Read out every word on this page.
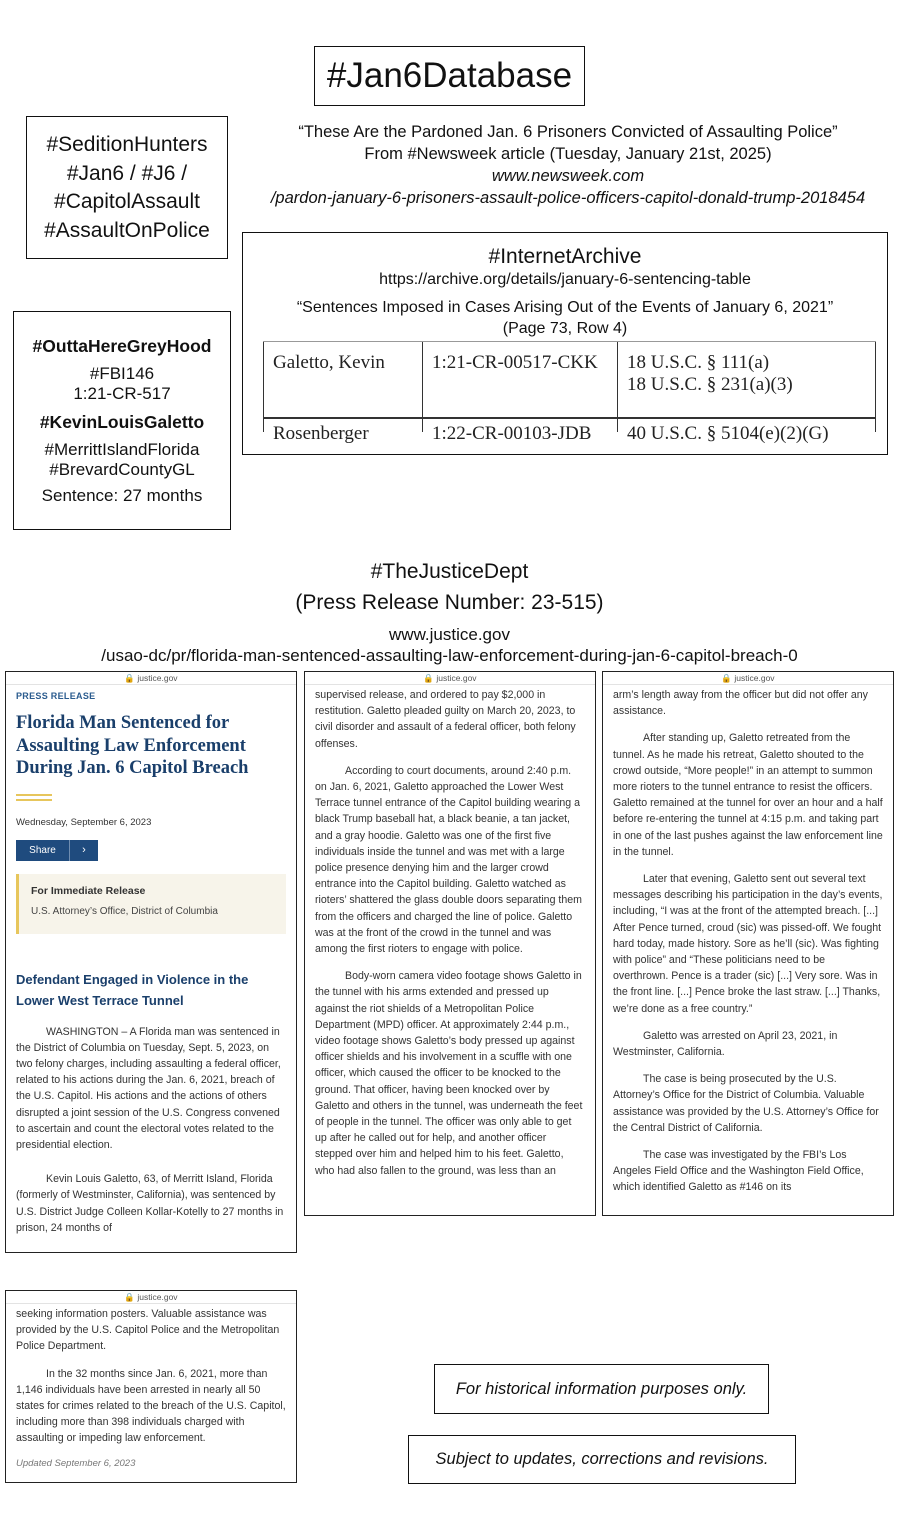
#Jan6Database
#SeditionHunters
#Jan6 / #J6 /
#CapitolAssault
#AssaultOnPolice
“These Are the Pardoned Jan. 6 Prisoners Convicted of Assaulting Police”
From #Newsweek article (Tuesday, January 21st, 2025)
www.newsweek.com
/pardon-january-6-prisoners-assault-police-officers-capitol-donald-trump-2018454
#InternetArchive
https://archive.org/details/january-6-sentencing-table
“Sentences Imposed in Cases Arising Out of the Events of January 6, 2021”
(Page 73, Row 4)
Galetto, Kevin 1:21-CR-00517-CKK 18 U.S.C. § 111(a)
18 U.S.C. § 231(a)(3)
Rosenberger	1:22-CR-00103-JDB 40 U.S.C. § 5104(e)(2)(G)
#OuttaHereGreyHood
#FBI146
1:21-CR-517
#KevinLouisGaletto
#MerrittIslandFlorida
#BrevardCountyGL
Sentence: 27 months
#TheJusticeDept
(Press Release Number: 23-515)
www.justice.gov
/usao-dc/pr/florida-man-sentenced-assaulting-law-enforcement-during-jan-6-capitol-breach-0
🔒 justice.gov
PRESS RELEASE
Florida Man Sentenced for Assaulting Law Enforcement During Jan. 6 Capitol Breach
Wednesday, September 6, 2023
Share	›
For Immediate Release
U.S. Attorney’s Office, District of Columbia
Defendant Engaged in Violence in the Lower West Terrace Tunnel

WASHINGTON – A Florida man was sentenced in the District of Columbia on Tuesday, Sept. 5, 2023, on two felony charges, including assaulting a federal officer, related to his actions during the Jan. 6, 2021, breach of the U.S. Capitol. His actions and the actions of others disrupted a joint session of the U.S. Congress convened to ascertain and count the electoral votes related to the presidential election.

Kevin Louis Galetto, 63, of Merritt Island, Florida (formerly of Westminster, California), was sentenced by U.S. District Judge Colleen Kollar-Kotelly to 27 months in prison, 24 months of

🔒 justice.gov

supervised release, and ordered to pay $2,000 in restitution. Galetto pleaded guilty on March 20, 2023, to civil disorder and assault of a federal officer, both felony offenses.

According to court documents, around 2:40 p.m. on Jan. 6, 2021, Galetto approached the Lower West Terrace tunnel entrance of the Capitol building wearing a black Trump baseball hat, a black beanie, a tan jacket, and a gray hoodie. Galetto was one of the first five individuals inside the tunnel and was met with a large police presence denying him and the larger crowd entrance into the Capitol building. Galetto watched as rioters’ shattered the glass double doors separating them from the officers and charged the line of police. Galetto was at the front of the crowd in the tunnel and was among the first rioters to engage with police.

Body-worn camera video footage shows Galetto in the tunnel with his arms extended and pressed up against the riot shields of a Metropolitan Police Department (MPD) officer. At approximately 2:44 p.m., video footage shows Galetto’s body pressed up against officer shields and his involvement in a scuffle with one officer, which caused the officer to be knocked to the ground. That officer, having been knocked over by Galetto and others in the tunnel, was underneath the feet of people in the tunnel. The officer was only able to get up after he called out for help, and another officer stepped over him and helped him to his feet. Galetto, who had also fallen to the ground, was less than an

🔒 justice.gov

arm’s length away from the officer but did not offer any assistance.

After standing up, Galetto retreated from the tunnel. As he made his retreat, Galetto shouted to the crowd outside, “More people!” in an attempt to summon more rioters to the tunnel entrance to resist the officers. Galetto remained at the tunnel for over an hour and a half before re-entering the tunnel at 4:15 p.m. and taking part in one of the last pushes against the law enforcement line in the tunnel.

Later that evening, Galetto sent out several text messages describing his participation in the day’s events, including, “I was at the front of the attempted breach. [...] After Pence turned, croud (sic) was pissed-off. We fought hard today, made history. Sore as he’ll (sic). Was fighting with police” and “These politicians need to be overthrown. Pence is a trader (sic) [...] Very sore. Was in the front line. [...] Pence broke the last straw. [...] Thanks, we’re done as a free country.”

Galetto was arrested on April 23, 2021, in Westminster, California.

The case is being prosecuted by the U.S. Attorney’s Office for the District of Columbia. Valuable assistance was provided by the U.S. Attorney’s Office for the Central District of California.

The case was investigated by the FBI’s Los Angeles Field Office and the Washington Field Office, which identified Galetto as #146 on its

🔒 justice.gov

seeking information posters. Valuable assistance was provided by the U.S. Capitol Police and the Metropolitan Police Department.

In the 32 months since Jan. 6, 2021, more than 1,146 individuals have been arrested in nearly all 50 states for crimes related to the breach of the U.S. Capitol, including more than 398 individuals charged with assaulting or impeding law enforcement.

Updated September 6, 2023
For historical information purposes only.
Subject to updates, corrections and revisions.
